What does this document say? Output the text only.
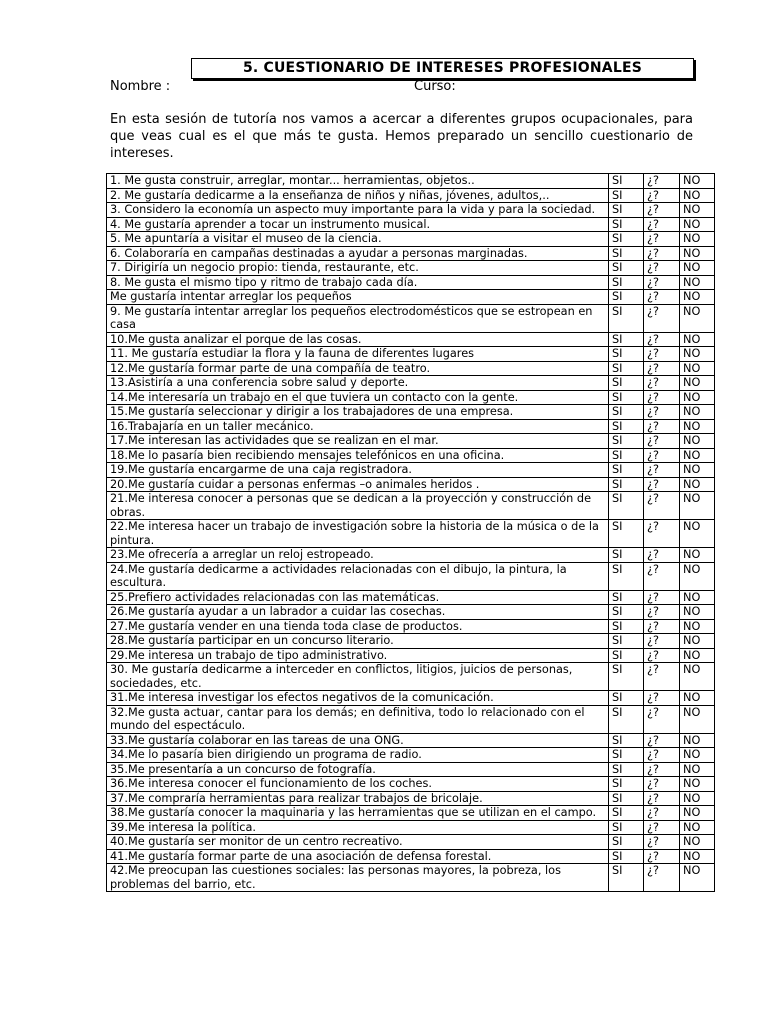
5. CUESTIONARIO DE INTERESES PROFESIONALES
Nombre :	Curso:
En esta sesión de tutoría nos vamos a acercar a diferentes grupos ocupacionales, para que veas cual es el que más te gusta. Hemos preparado un sencillo cuestionario de intereses.
1. Me gusta construir, arreglar, montar... herramientas, objetos..	SI	¿?	NO
2. Me gustaría dedicarme a la enseñanza de niños y niñas, jóvenes, adultos,..	SI	¿?	NO
3. Considero la economía un aspecto muy importante para la vida y para la sociedad.	SI	¿?	NO
4. Me gustaría aprender a tocar un instrumento musical.	SI	¿?	NO
5. Me apuntaría a visitar el museo de la ciencia.	SI	¿?	NO
6. Colaboraría en campañas destinadas a ayudar a personas marginadas.	SI	¿?	NO
7. Dirigiría un negocio propio: tienda, restaurante, etc.	SI	¿?	NO
8. Me gusta el mismo tipo y ritmo de trabajo cada día.	SI	¿?	NO
Me gustaría intentar arreglar los pequeños	SI	¿?	NO
9. Me gustaría intentar arreglar los pequeños electrodomésticos que se estropean en casa	SI	¿?	NO
10.Me gusta analizar el porque de las cosas.	SI	¿?	NO
11. Me gustaría estudiar la flora y la fauna de diferentes lugares	SI	¿?	NO
12.Me gustaría formar parte de una compañía de teatro.	SI	¿?	NO
13.Asistiría a una conferencia sobre salud y deporte.	SI	¿?	NO
14.Me interesaría un trabajo en el que tuviera un contacto con la gente.	SI	¿?	NO
15.Me gustaría seleccionar y dirigir a los trabajadores de una empresa.	SI	¿?	NO
16.Trabajaría en un taller mecánico.	SI	¿?	NO
17.Me interesan las actividades que se realizan en el mar.	SI	¿?	NO
18.Me lo pasaría bien recibiendo mensajes telefónicos en una oficina.	SI	¿?	NO
19.Me gustaría encargarme de una caja registradora.	SI	¿?	NO
20.Me gustaría cuidar a personas enfermas –o animales heridos .	SI	¿?	NO
21.Me interesa conocer a personas que se dedican a la proyección y construcción de obras.	SI	¿?	NO
22.Me interesa hacer un trabajo de investigación sobre la historia de la música o de la pintura.	SI	¿?	NO
23.Me ofrecería a arreglar un reloj estropeado.	SI	¿?	NO
24.Me gustaría dedicarme a actividades relacionadas con el dibujo, la pintura, la escultura.	SI	¿?	NO
25.Prefiero actividades relacionadas con las matemáticas.	SI	¿?	NO
26.Me gustaría ayudar a un labrador a cuidar las cosechas.	SI	¿?	NO
27.Me gustaría vender en una tienda toda clase de productos.	SI	¿?	NO
28.Me gustaría participar en un concurso literario.	SI	¿?	NO
29.Me interesa un trabajo de tipo administrativo.	SI	¿?	NO
30. Me gustaría dedicarme a interceder en conflictos, litigios, juicios de personas, sociedades, etc.	SI	¿?	NO
31.Me interesa investigar los efectos negativos de la comunicación.	SI	¿?	NO
32.Me gusta actuar, cantar para los demás; en definitiva, todo lo relacionado con el mundo del espectáculo.	SI	¿?	NO
33.Me gustaría colaborar en las tareas de una ONG.	SI	¿?	NO
34.Me lo pasaría bien dirigiendo un programa de radio.	SI	¿?	NO
35.Me presentaría a un concurso de fotografía.	SI	¿?	NO
36.Me interesa conocer el funcionamiento de los coches.	SI	¿?	NO
37.Me compraría herramientas para realizar trabajos de bricolaje.	SI	¿?	NO
38.Me gustaría conocer la maquinaria y las herramientas que se utilizan en el campo.	SI	¿?	NO
39.Me interesa la política.	SI	¿?	NO
40.Me gustaría ser monitor de un centro recreativo.	SI	¿?	NO
41.Me gustaría formar parte de una asociación de defensa forestal.	SI	¿?	NO
42.Me preocupan las cuestiones sociales: las personas mayores, la pobreza, los problemas del barrio, etc.	SI	¿?	NO
